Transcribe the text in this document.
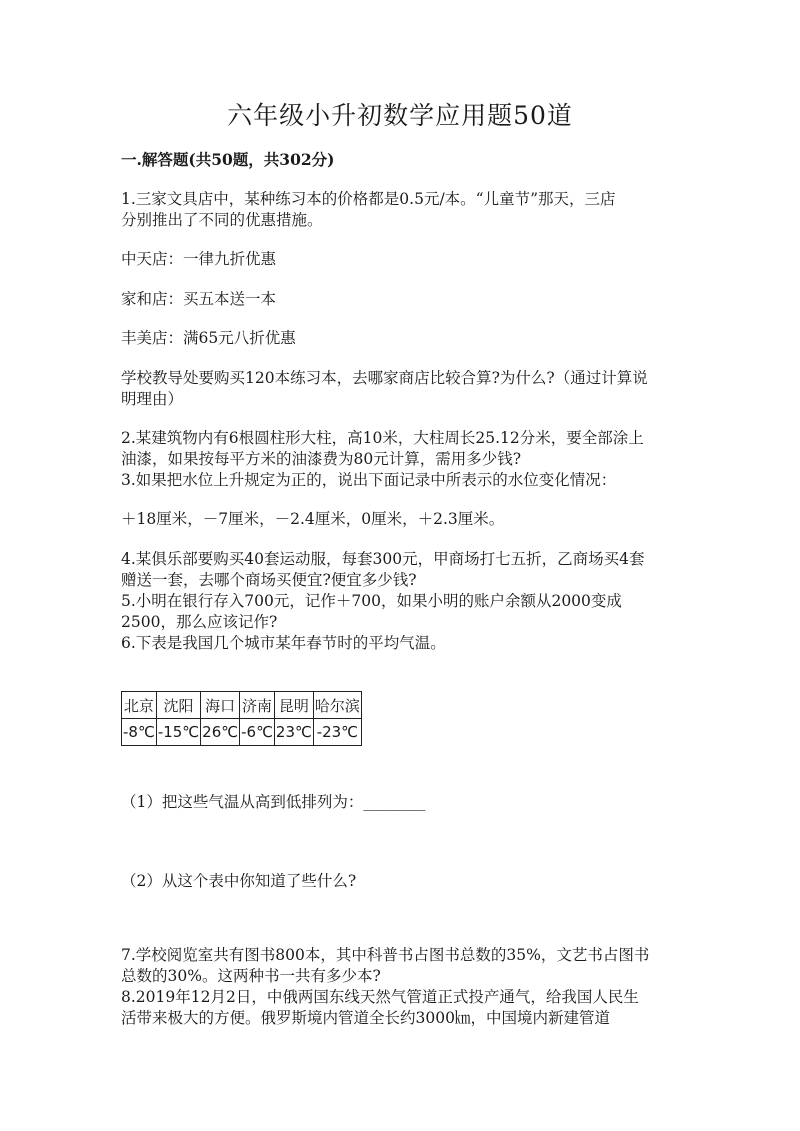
六年级小升初数学应用题50道
一.解答题(共50题，共302分)
1.三家文具店中，某种练习本的价格都是0.5元/本。“儿童节”那天，三店
分别推出了不同的优惠措施。
中天店：一律九折优惠
家和店：买五本送一本
丰美店：满65元八折优惠
学校教导处要购买120本练习本，去哪家商店比较合算?为什么?（通过计算说
明理由）
2.某建筑物内有6根圆柱形大柱，高10米，大柱周长25.12分米，要全部涂上
油漆，如果按每平方米的油漆费为80元计算，需用多少钱?
3.如果把水位上升规定为正的，说出下面记录中所表示的水位变化情况：
＋18厘米，－7厘米，－2.4厘米，0厘米，＋2.3厘米。
4.某俱乐部要购买40套运动服，每套300元，甲商场打七五折，乙商场买4套
赠送一套，去哪个商场买便宜?便宜多少钱?
5.小明在银行存入700元，记作＋700，如果小明的账户余额从2000变成
2500，那么应该记作?
6.下表是我国几个城市某年春节时的平均气温。
北京	沈阳	海口	济南	昆明	哈尔滨
-8℃	-15℃	26℃	-6℃	23℃	-23℃
（1）把这些气温从高到低排列为：________
（2）从这个表中你知道了些什么?
7.学校阅览室共有图书800本，其中科普书占图书总数的35%，文艺书占图书
总数的30%。这两种书一共有多少本?
8.2019年12月2日，中俄两国东线天然气管道正式投产通气，给我国人民生
活带来极大的方便。俄罗斯境内管道全长约3000㎞，中国境内新建管道
